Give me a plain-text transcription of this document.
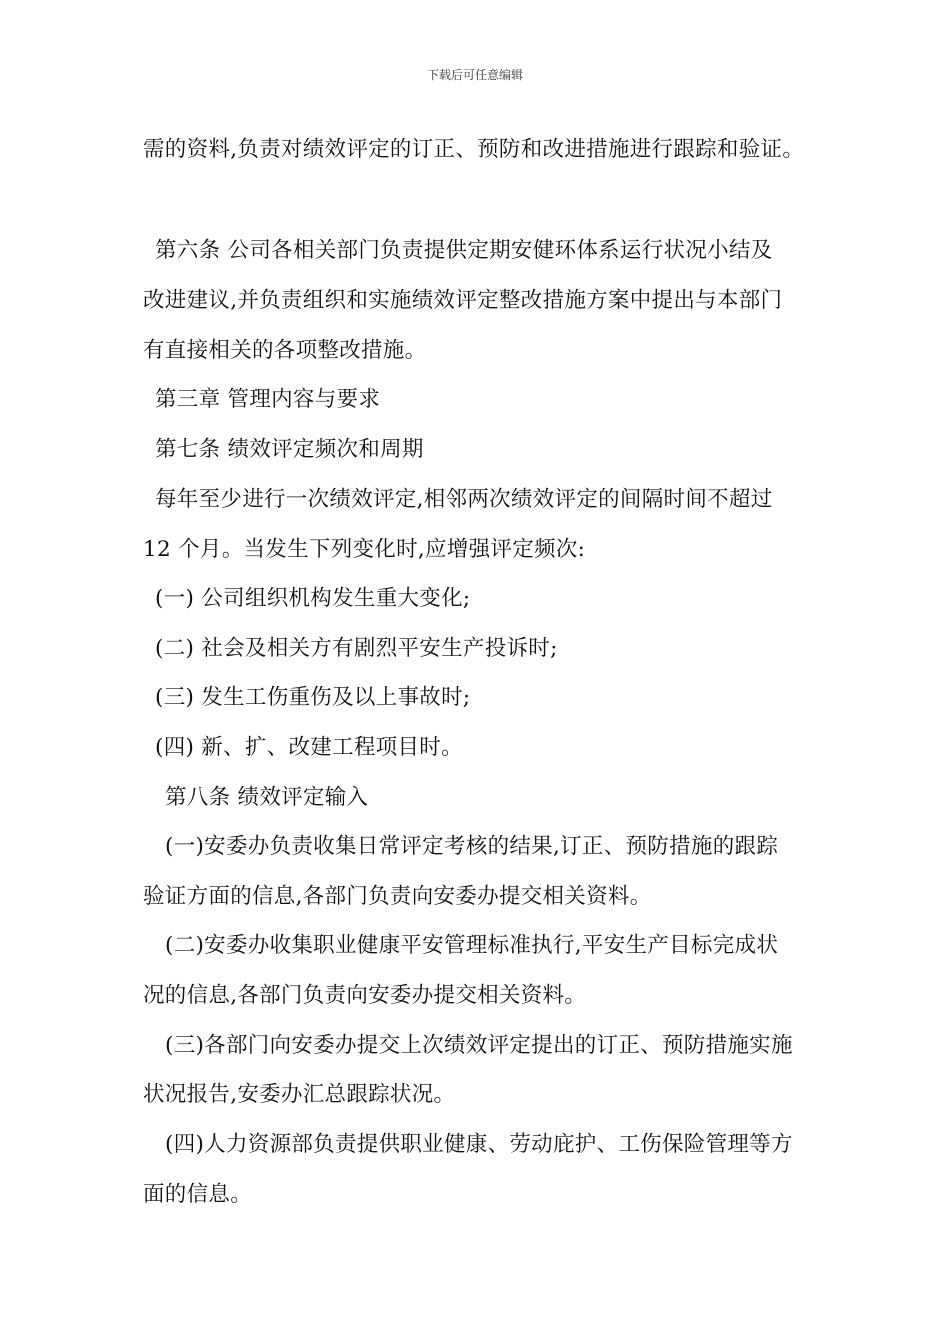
下载后可任意编辑
需的资料,负责对绩效评定的订正、预防和改进措施进行跟踪和验证。
第六条 公司各相关部门负责提供定期安健环体系运行状况小结及
改进建议,并负责组织和实施绩效评定整改措施方案中提出与本部门
有直接相关的各项整改措施。
第三章 管理内容与要求
第七条 绩效评定频次和周期
每年至少进行一次绩效评定,相邻两次绩效评定的间隔时间不超过
12 个月。当发生下列变化时,应增强评定频次:
(一) 公司组织机构发生重大变化;
(二) 社会及相关方有剧烈平安生产投诉时;
(三) 发生工伤重伤及以上事故时;
(四) 新、扩、改建工程项目时。
第八条 绩效评定输入
(一)安委办负责收集日常评定考核的结果,订正、预防措施的跟踪
验证方面的信息,各部门负责向安委办提交相关资料。
(二)安委办收集职业健康平安管理标准执行,平安生产目标完成状
况的信息,各部门负责向安委办提交相关资料。
(三)各部门向安委办提交上次绩效评定提出的订正、预防措施实施
状况报告,安委办汇总跟踪状况。
(四)人力资源部负责提供职业健康、劳动庇护、工伤保险管理等方
面的信息。
